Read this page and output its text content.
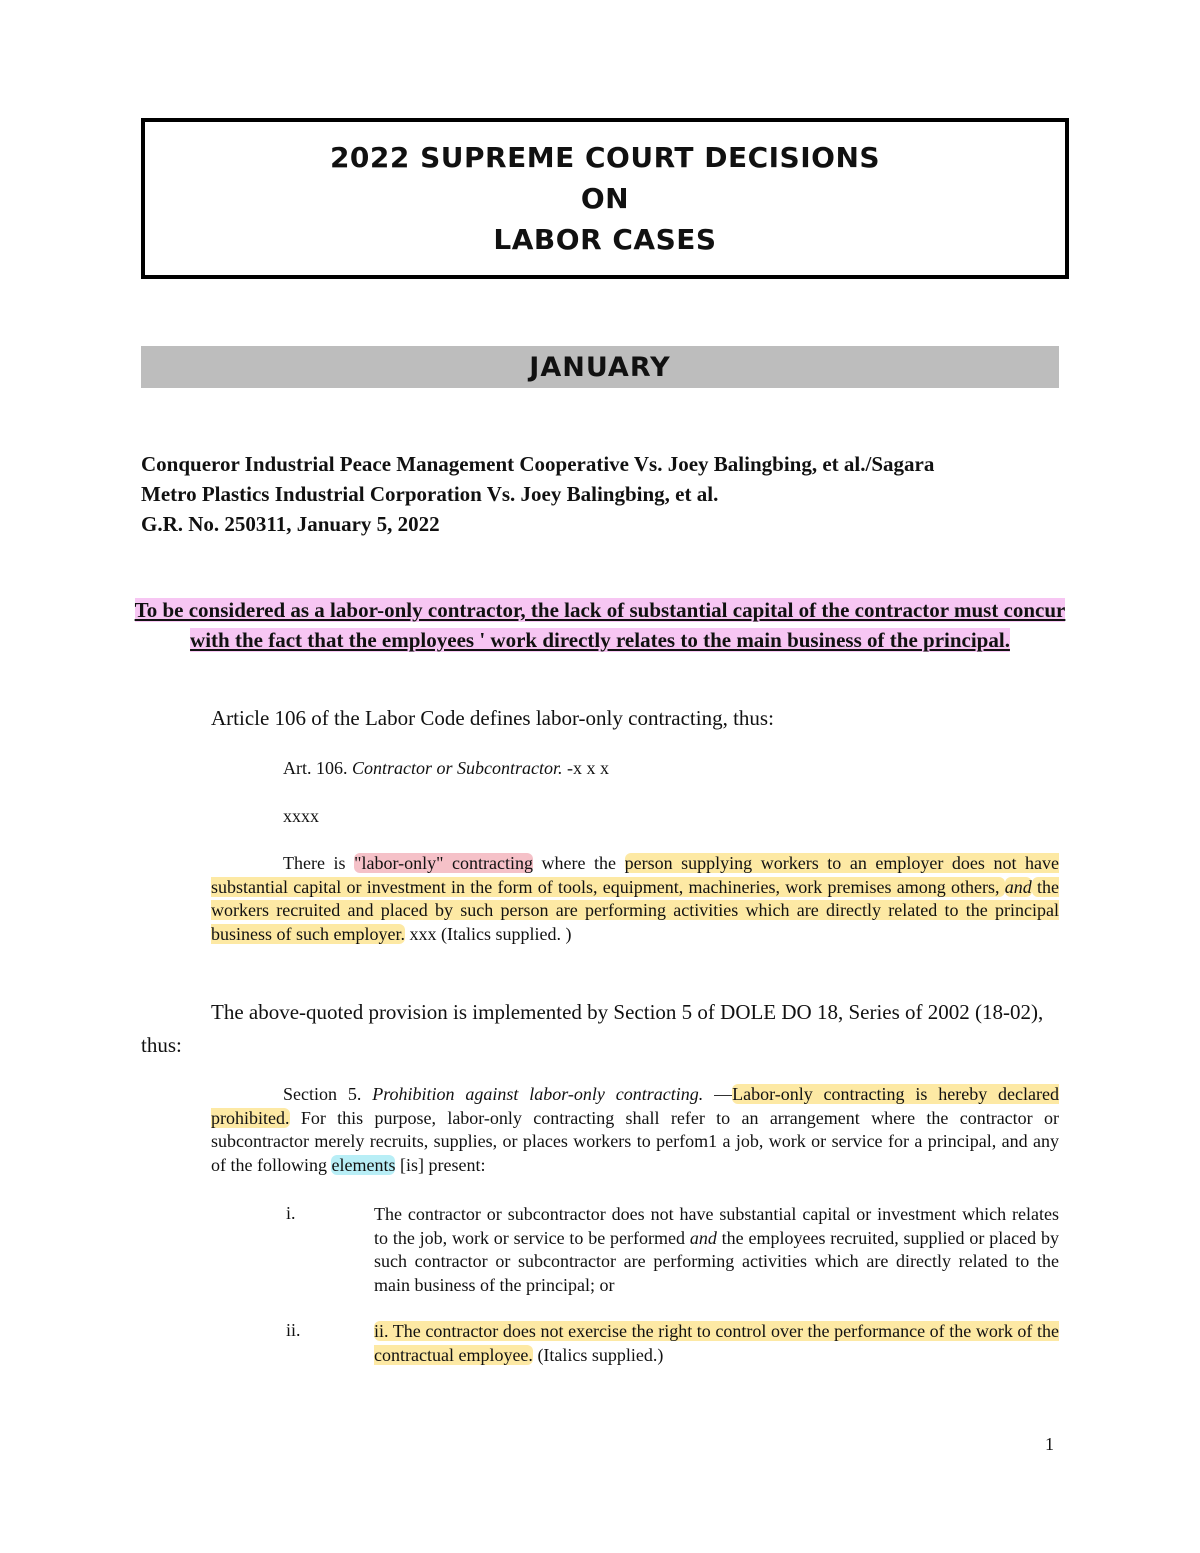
2022 SUPREME COURT DECISIONS
ON
LABOR CASES
JANUARY
Conqueror Industrial Peace Management Cooperative Vs. Joey Balingbing, et al./Sagara
Metro Plastics Industrial Corporation Vs. Joey Balingbing, et al.
G.R. No. 250311, January 5, 2022
To be considered as a labor-only contractor, the lack of substantial capital of the contractor must concur with the fact that the employees ' work directly relates to the main business of the principal.
Article 106 of the Labor Code defines labor-only contracting, thus:
Art. 106. Contractor or Subcontractor. -x x x
xxxx
There is "labor-only" contracting where the person supplying workers to an employer does not have substantial capital or investment in the form of tools, equipment, machineries, work premises among others, and the workers recruited and placed by such person are performing activities which are directly related to the principal business of such employer. xxx (Italics supplied. )
The above-quoted provision is implemented by Section 5 of DOLE DO 18, Series of 2002 (18-02), thus:
Section 5. Prohibition against labor-only contracting. —Labor-only contracting is hereby declared prohibited. For this purpose, labor-only contracting shall refer to an arrangement where the contractor or subcontractor merely recruits, supplies, or places workers to perfom1 a job, work or service for a principal, and any of the following elements [is] present:
i.	The contractor or subcontractor does not have substantial capital or investment which relates to the job, work or service to be performed and the employees recruited, supplied or placed by such contractor or subcontractor are performing activities which are directly related to the main business of the principal; or
ii.	ii. The contractor does not exercise the right to control over the performance of the work of the contractual employee. (Italics supplied.)
1
